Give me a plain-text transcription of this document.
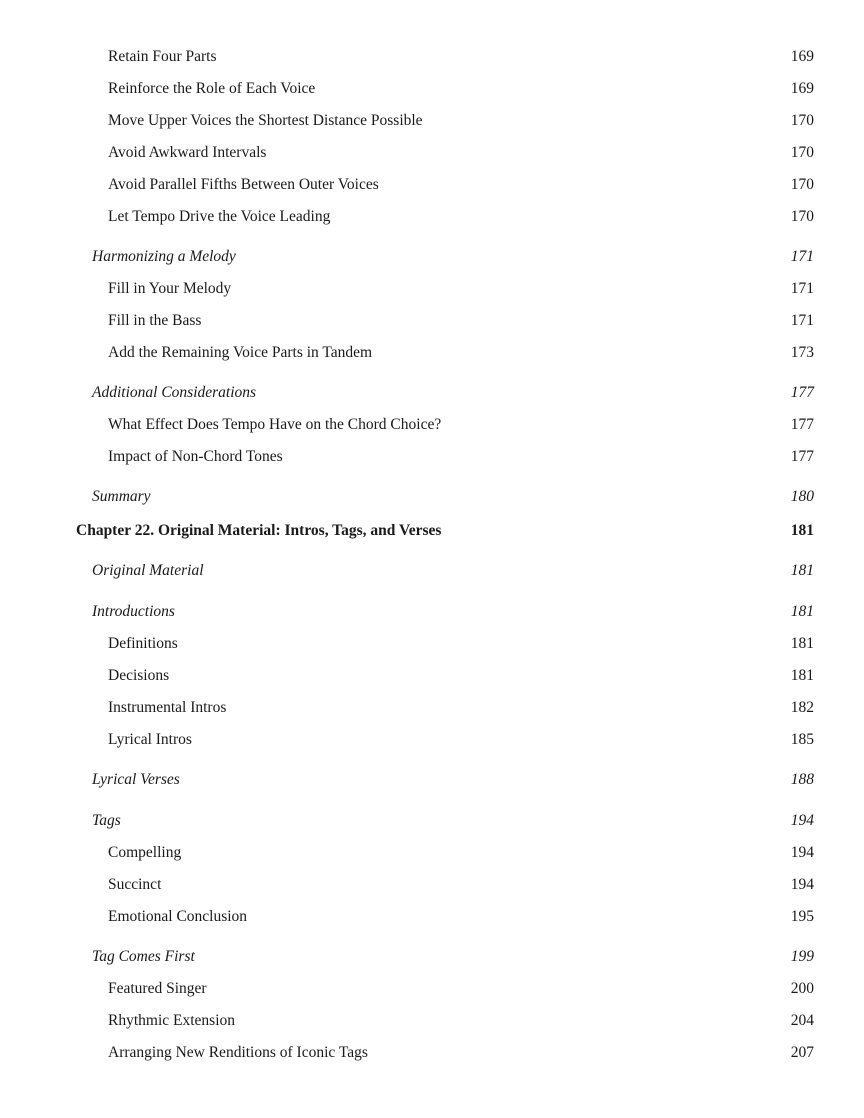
Retain Four Parts	169
Reinforce the Role of Each Voice	169
Move Upper Voices the Shortest Distance Possible	170
Avoid Awkward Intervals	170
Avoid Parallel Fifths Between Outer Voices	170
Let Tempo Drive the Voice Leading	170
Harmonizing a Melody	171
Fill in Your Melody	171
Fill in the Bass	171
Add the Remaining Voice Parts in Tandem	173
Additional Considerations	177
What Effect Does Tempo Have on the Chord Choice?	177
Impact of Non-Chord Tones	177
Summary	180
Chapter 22. Original Material: Intros, Tags, and Verses	181
Original Material	181
Introductions	181
Definitions	181
Decisions	181
Instrumental Intros	182
Lyrical Intros	185
Lyrical Verses	188
Tags	194
Compelling	194
Succinct	194
Emotional Conclusion	195
Tag Comes First	199
Featured Singer	200
Rhythmic Extension	204
Arranging New Renditions of Iconic Tags	207
